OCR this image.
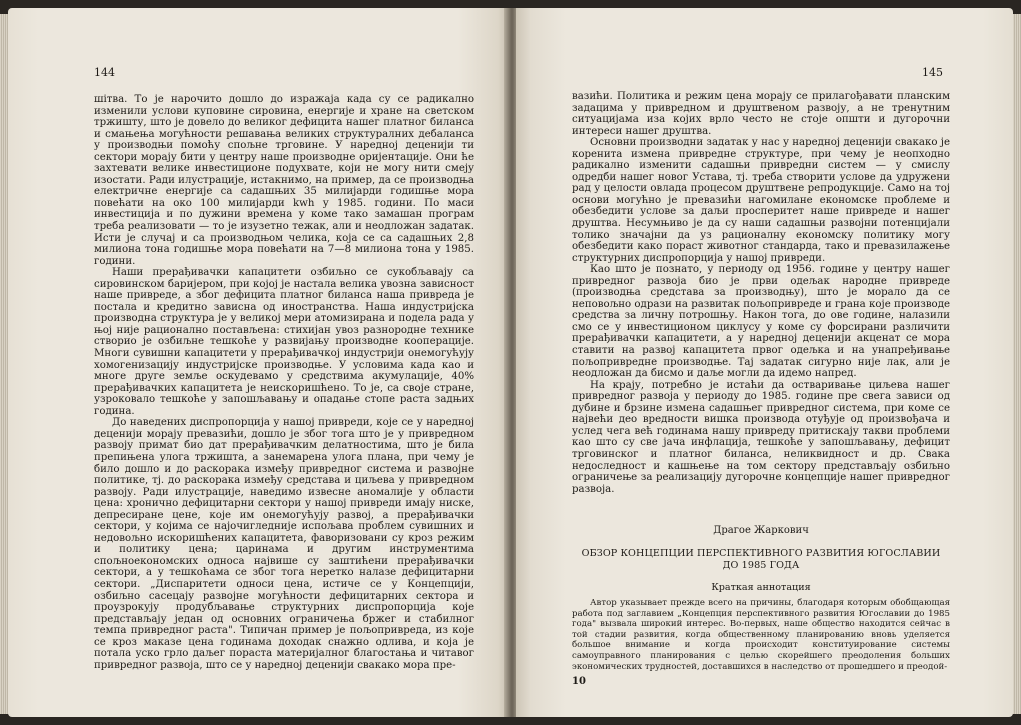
144

шітва. То је нарочито дошло до изражаја када су се радикално изменили услови куповине сировина, енергије и хране на светском тржишту, што је довело до великог дефицита нашег платног биланса и смањења могућности решавања великих структуралних дебаланса у производњи помоћу спољне трговине. У наредној деценији ти сектори морају бити у центру наше производне оријентације. Они ће захтевати велике инвестиционе подухвате, који не могу нити смеју изостати. Ради илустрације, истакнимо, на пример, да се производња електричне енергије са садашњих 35 милијарди годишње мора повећати на око 100 милијарди kwh у 1985. години. По маси инвестиција и по дужини времена у коме тако замашан програм треба реализовати — то је изузетно тежак, али и неодложан задатак. Исти је случај и са производњом челика, која се са садашњих 2,8 милиона тона годишње мора повећати на 7—8 милиона тона у 1985. години.

Наши прерађивачки капацитети озбиљно се сукобљавају са сировинском баријером, при којој је настала велика увозна зависност наше привреде, а због дефицита платног биланса наша привреда је постала и кредитно зависна од иностранства. Наша индустријска производна структура је у великој мери атомизирана и подела рада у њој није рационално постављена: стихијан увоз разнородне технике створио је озбиљне тешкоће у развијању производне кооперације. Многи сувишни капацитети у прерађивачкој индустрији онемогућују хомогенизацију индустријске производње. У условима када као и многе друге земље оскудевамо у средствима акумулације, 40% прерађивачких капацитета је неискоришћено. То је, са своје стране, узроковало тешкоће у запошљавању и опадање стопе раста задњих година.

До наведених диспропорција у нашој привреди, које се у наредној деценији морају превазићи, дошло је због тога што је у привредном развоју примат био дат прерађивачким делатностима, што је била препињена улога тржишта, а занемарена улога плана, при чему је било дошло и до раскорака између привредног система и развојне политике, тј. до раскорака између средстава и циљева у привредном развоју. Ради илустрације, наведимо извесне аномалије у области цена: хронично дефицитарни сектори у нашој привреди имају ниске, депресиране цене, које им онемогућују развој, а прерађивачки сектори, у којима се најочигледније испољава проблем сувишних и недовољно искоришћених капацитета, фаворизовани су кроз режим и политику цена; царинама и другим инструментима спољноекономских односа највише су заштићени прерађивачки сектори, а у тешкоћама се због тога нерeтко налазе дефицитарни сектори. „Диспаритети односи цена, истиче се у Концепцији, озбиљно сасецају развојне могућности дефицитарних сектора и проузрокују продубљавање структурних диспропорција које представљају један од основних ограничења бржег и стабилног темпа привредног раста". Типичан пример је пољопривреда, из које се кроз маказе цена годинама доходак снажно одлива, и која је потала уско грло даљег пораста материјалног благостања и читавог привредног развоја, што се у наредној деценији свакако мора пре-

145

вазићи. Политика и режим цена морају се прилагођавати планским задацима у привредном и друштвеном развоју, а не тренутним ситуацијама иза којих врло често не стоје општи и дугорочни интереси нашег друштва.

Основни производни задатак у нас у наредној деценији свакако је коренита измена привредне структуре, при чему је неопходно радикално изменити садашњи привредни систем — у смислу одредби нашег новог Устава, тј. треба створити услове да удружени рад у целости овлада процесом друштвене репродукције. Само на тој основи могућно је превазићи нагомилане економске проблеме и обезбедити услове за даљи просперитет наше привреде и нашег друштва. Несумњиво је да су наши садашњи развојни потенцијали толико значајни да уз рационалну економску политику могу обезбедити како пораст животног стандарда, тако и превазилажење структурних диспропорција у нашој привреди.

Као што је познато, у периоду од 1956. године у центру нашег привредног развоја био је први одељак народне привреде (производња средстава за производњу), што је морало да се неповољно одрази на развитак пољопривреде и грана које производе средства за личну потрошњу. Након тога, до ове године, налазили смо се у инвестиционом циклусу у коме су форсирани различити прерађивачки капацитети, а у наредној деценији акценат се мора ставити на развој капацитета првог одељка и на унапређивање пољопривредне производње. Тај задатак сигурно није лак, али је неодложан да бисмо и даље могли да идемо напред.

На крају, потребно је истаћи да остваривање циљева нашег привредног развоја у периоду до 1985. године пре свега зависи од дубине и брзине измена садашњег привредног система, при коме се највећи део вредности вишка производа отуђује од произвођача и услед чега већ годинама нашу привреду притискају такви проблеми као што су све јача инфлација, тешкоће у запошљавању, дефицит трговинског и платног биланса, неликвидност и др. Свака недоследност и кашњење на том сектору представљају озбиљно ограничење за реализацију дугорочне концепције нашег привредног развоја.

Драгое Жаркович
ОБЗОР КОНЦЕПЦИИ ПЕРСПЕКТИВНОГО РАЗВИТИЯ ЮГОСЛАВИИ
ДО 1985 ГОДА
Краткая аннотация

Автор указывает прежде всего на причины, благодаря которым обобщающая работа под заглавием „Концепция перспективного развития Югославии до 1985 года" вызвала широкий интерес. Во-первых, наше общество находится сейчас в той стадии развития, когда общественному планированию вновь уделяется большое внимание и когда происходит конституирование системы самоуправного планирования с целью скорейшего преодоления больших экономических трудностей, доставшихся в наследство от прошедшего и преодой-

10
